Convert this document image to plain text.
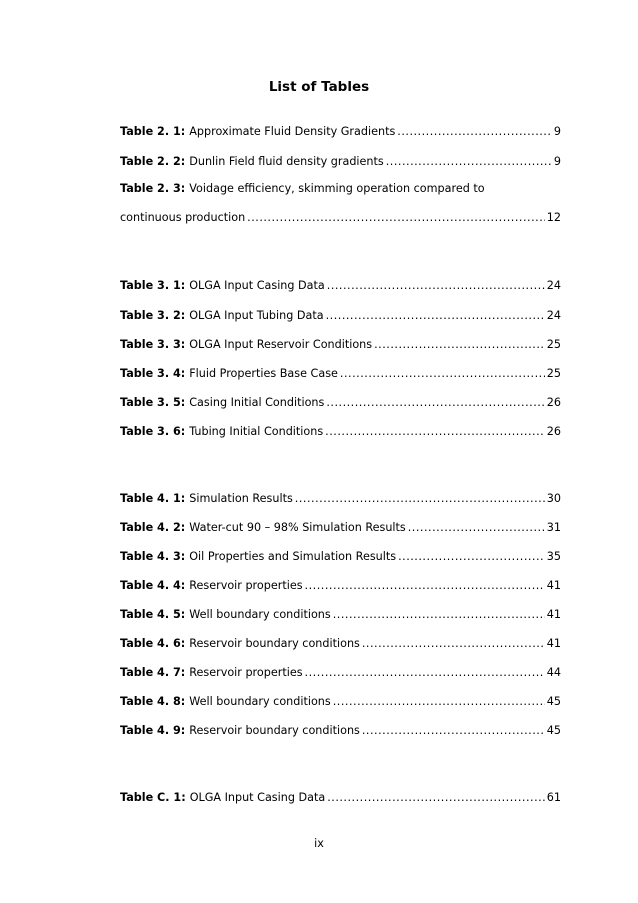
List of Tables
Table 2. 1: Approximate Fluid Density Gradients .....	9
Table 2. 2: Dunlin Field fluid density gradients .....	9
Table 2. 3: Voidage efficiency, skimming operation compared to
continuous production .....	12
Table 3. 1: OLGA Input Casing Data .....	24
Table 3. 2: OLGA Input Tubing Data .....	24
Table 3. 3: OLGA Input Reservoir Conditions .....	25
Table 3. 4: Fluid Properties Base Case .....	25
Table 3. 5: Casing Initial Conditions .....	26
Table 3. 6: Tubing Initial Conditions .....	26
Table 4. 1: Simulation Results .....	30
Table 4. 2: Water-cut 90 – 98% Simulation Results .....	31
Table 4. 3: Oil Properties and Simulation Results .....	35
Table 4. 4: Reservoir properties .....	41
Table 4. 5: Well boundary conditions .....	41
Table 4. 6: Reservoir boundary conditions .....	41
Table 4. 7: Reservoir properties .....	44
Table 4. 8: Well boundary conditions .....	45
Table 4. 9: Reservoir boundary conditions .....	45
Table C. 1: OLGA Input Casing Data .....	61
ix
